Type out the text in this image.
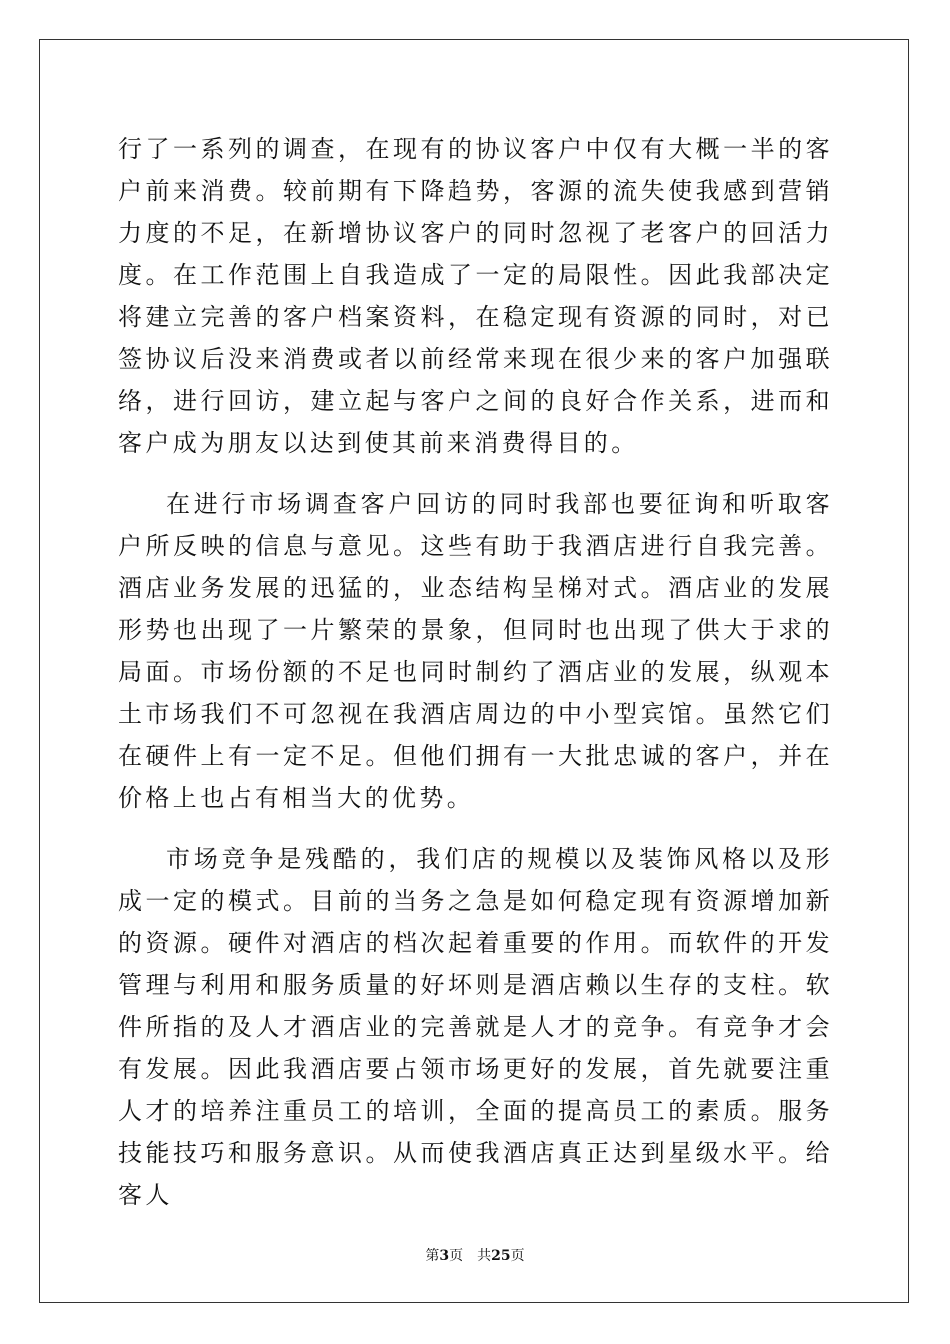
行了一系列的调查，在现有的协议客户中仅有大概一半的客户前来消费。较前期有下降趋势，客源的流失使我感到营销力度的不足，在新增协议客户的同时忽视了老客户的回活力度。在工作范围上自我造成了一定的局限性。因此我部决定将建立完善的客户档案资料，在稳定现有资源的同时，对已签协议后没来消费或者以前经常来现在很少来的客户加强联络，进行回访，建立起与客户之间的良好合作关系，进而和客户成为朋友以达到使其前来消费得目的。

在进行市场调查客户回访的同时我部也要征询和听取客户所反映的信息与意见。这些有助于我酒店进行自我完善。酒店业务发展的迅猛的，业态结构呈梯对式。酒店业的发展形势也出现了一片繁荣的景象，但同时也出现了供大于求的局面。市场份额的不足也同时制约了酒店业的发展，纵观本土市场我们不可忽视在我酒店周边的中小型宾馆。虽然它们在硬件上有一定不足。但他们拥有一大批忠诚的客户，并在价格上也占有相当大的优势。

市场竞争是残酷的，我们店的规模以及装饰风格以及形成一定的模式。目前的当务之急是如何稳定现有资源增加新的资源。硬件对酒店的档次起着重要的作用。而软件的开发管理与利用和服务质量的好坏则是酒店赖以生存的支柱。软件所指的及人才酒店业的完善就是人才的竞争。有竞争才会有发展。因此我酒店要占领市场更好的发展，首先就要注重人才的培养注重员工的培训，全面的提高员工的素质。服务技能技巧和服务意识。从而使我酒店真正达到星级水平。给客人

第3页 共25页
